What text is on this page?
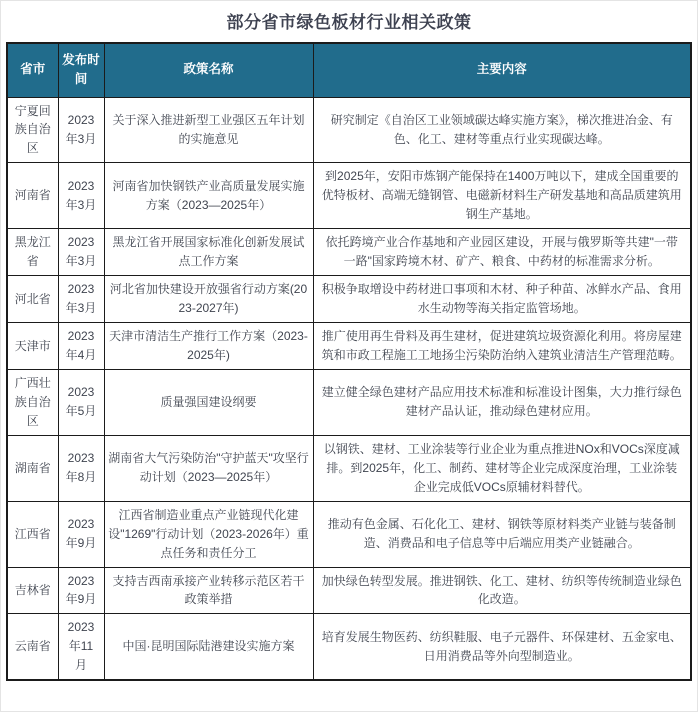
部分省市绿色板材行业相关政策
省市	发布时间	政策名称	主要内容
宁夏回族自治区	2023年3月	关于深入推进新型工业强区五年计划的实施意见	研究制定《自治区工业领域碳达峰实施方案》，梯次推进冶金、有色、化工、建材等重点行业实现碳达峰。
河南省	2023年3月	河南省加快钢铁产业高质量发展实施方案（2023—2025年）	到2025年，安阳市炼钢产能保持在1400万吨以下，建成全国重要的优特板材、高端无缝钢管、电磁新材料生产研发基地和高品质建筑用钢生产基地。
黑龙江省	2023年3月	黑龙江省开展国家标准化创新发展试点工作方案	依托跨境产业合作基地和产业园区建设，开展与俄罗斯等共建"一带一路"国家跨境木材、矿产、粮食、中药材的标准需求分析。
河北省	2023年3月	河北省加快建设开放强省行动方案(2023-2027年)	积极争取增设中药材进口事项和木材、种子种苗、冰鲜水产品、食用水生动物等海关指定监管场地。
天津市	2023年4月	天津市清洁生产推行工作方案（2023-2025年)	推广使用再生骨料及再生建材，促进建筑垃圾资源化利用。将房屋建筑和市政工程施工工地扬尘污染防治纳入建筑业清洁生产管理范畴。
广西壮族自治区	2023年5月	质量强国建设纲要	建立健全绿色建材产品应用技术标准和标准设计图集，大力推行绿色建材产品认证，推动绿色建材应用。
湖南省	2023年8月	湖南省大气污染防治"守护蓝天"攻坚行动计划（2023—2025年）	以钢铁、建材、工业涂装等行业企业为重点推进NOx和VOCs深度减排。到2025年，化工、制药、建材等企业完成深度治理，工业涂装企业完成低VOCs原辅材料替代。
江西省	2023年9月	江西省制造业重点产业链现代化建设"1269"行动计划（2023-2026年）重点任务和责任分工	推动有色金属、石化化工、建材、钢铁等原材料类产业链与装备制造、消费品和电子信息等中后端应用类产业链融合。
吉林省	2023年9月	支持吉西南承接产业转移示范区若干政策举措	加快绿色转型发展。推进钢铁、化工、建材、纺织等传统制造业绿色化改造。
云南省	2023年11月	中国·昆明国际陆港建设实施方案	培育发展生物医药、纺织鞋服、电子元器件、环保建材、五金家电、日用消费品等外向型制造业。
